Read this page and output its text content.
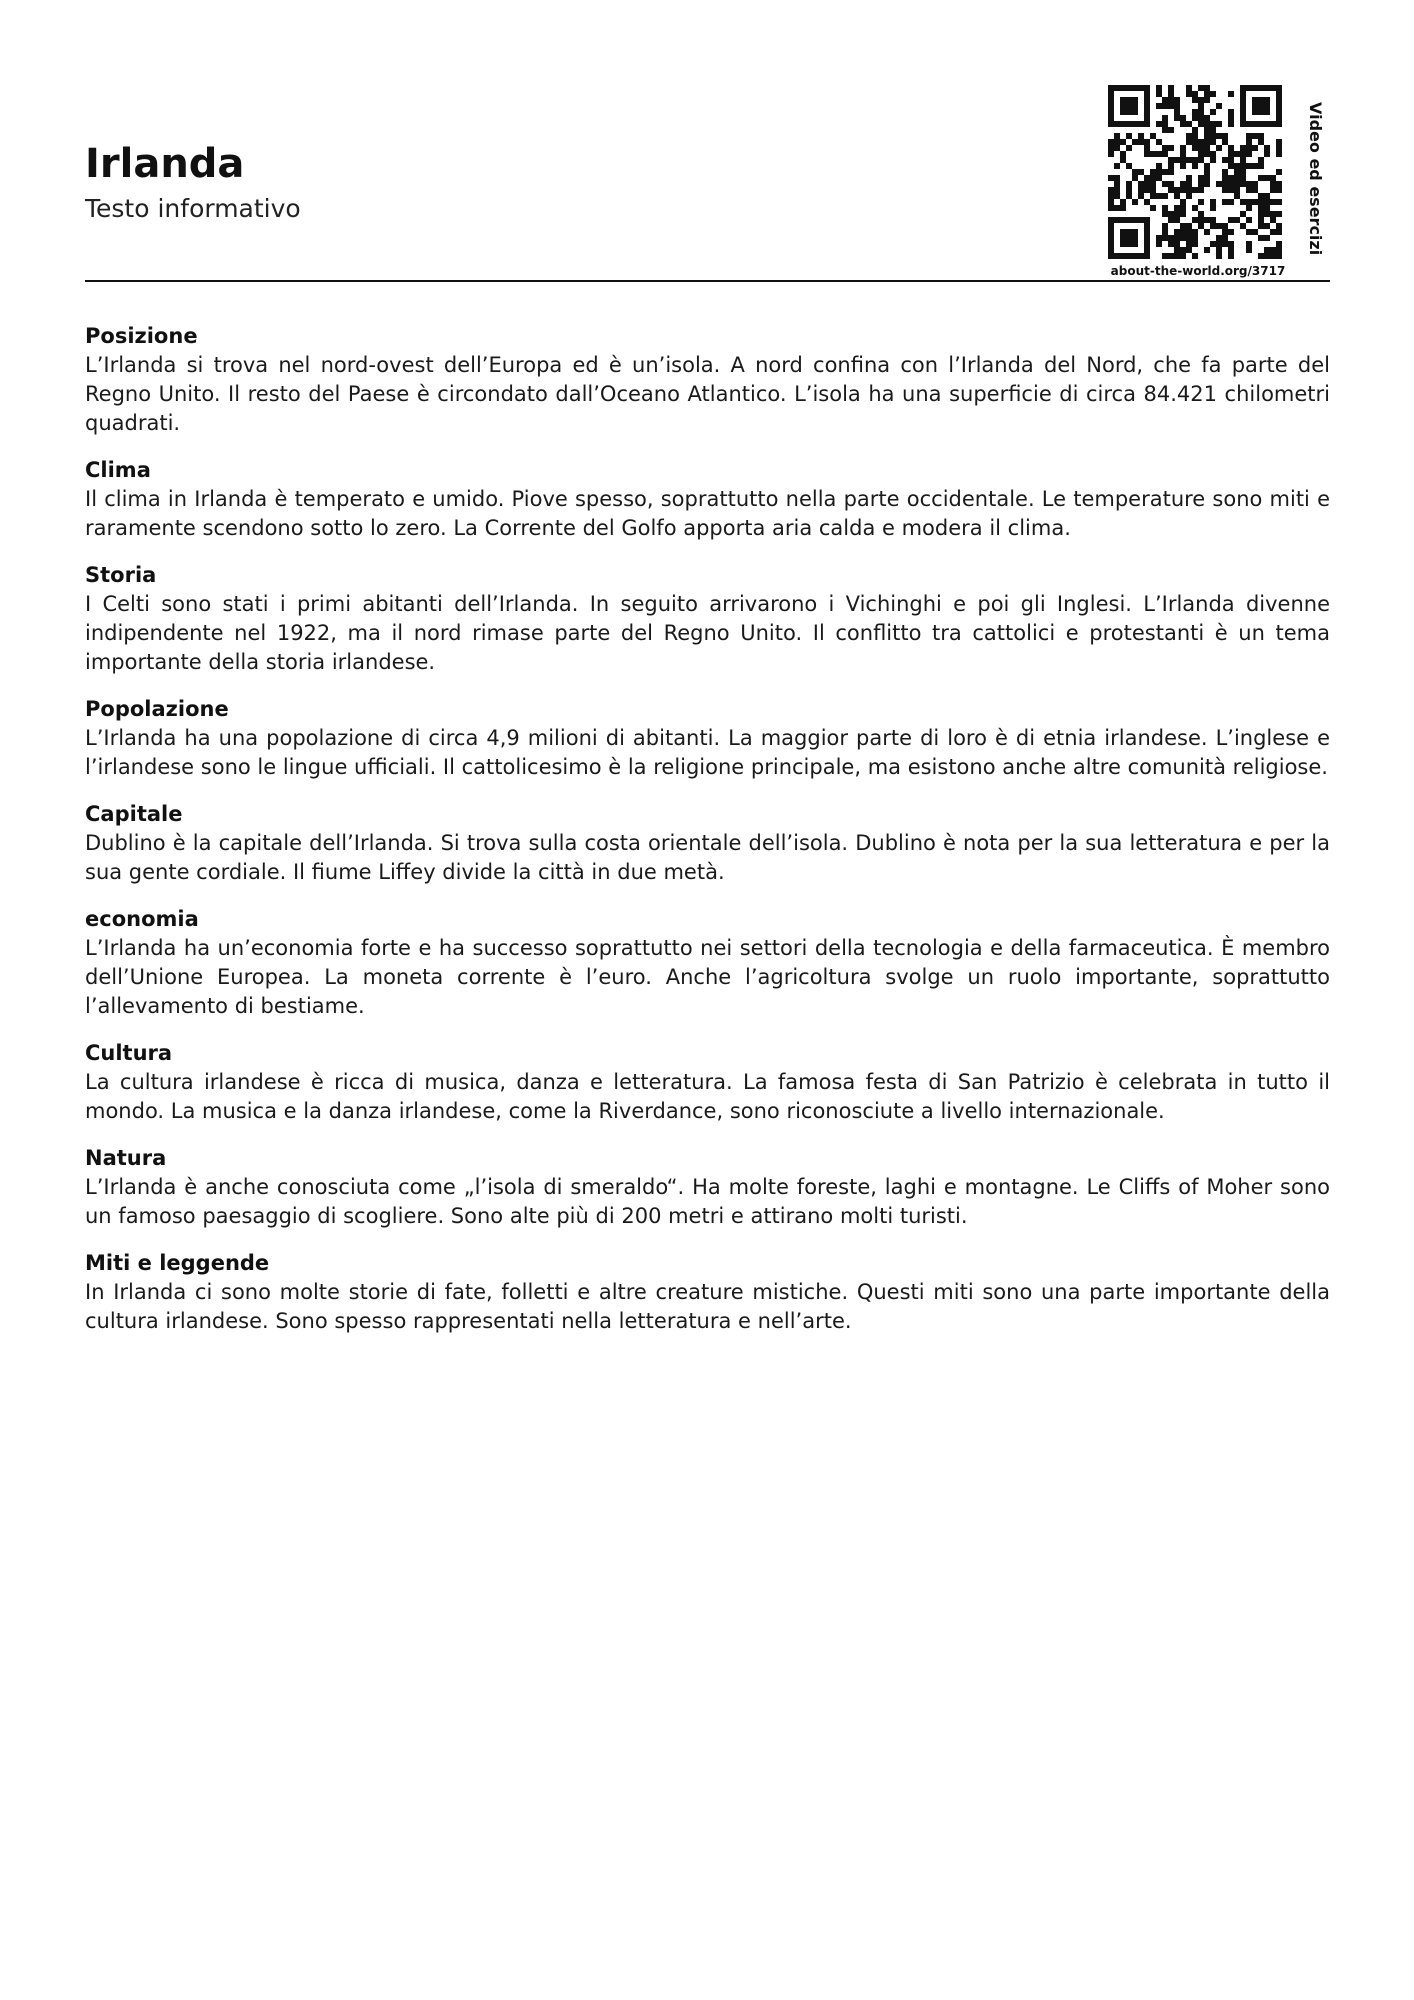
Irlanda

Testo informativo

about-the-world.org/3717
Video ed esercizi
Posizione

L’Irlanda si trova nel nord-ovest dell’Europa ed è un’isola. A nord confina con l’Irlanda del Nord, che fa parte del Regno Unito. Il resto del Paese è circondato dall’Oceano Atlantico. L’isola ha una superficie di circa 84.421 chilometri quadrati.

Clima

Il clima in Irlanda è temperato e umido. Piove spesso, soprattutto nella parte occidentale. Le temperature sono miti e raramente scendono sotto lo zero. La Corrente del Golfo apporta aria calda e modera il clima.

Storia

I Celti sono stati i primi abitanti dell’Irlanda. In seguito arrivarono i Vichinghi e poi gli Inglesi. L’Irlanda divenne indipendente nel 1922, ma il nord rimase parte del Regno Unito. Il conflitto tra cattolici e protestanti è un tema importante della storia irlandese.

Popolazione

L’Irlanda ha una popolazione di circa 4,9 milioni di abitanti. La maggior parte di loro è di etnia irlandese. L’inglese e l’irlandese sono le lingue ufficiali. Il cattolicesimo è la religione principale, ma esistono anche altre comunità religiose.

Capitale

Dublino è la capitale dell’Irlanda. Si trova sulla costa orientale dell’isola. Dublino è nota per la sua letteratura e per la sua gente cordiale. Il fiume Liffey divide la città in due metà.

economia

L’Irlanda ha un’economia forte e ha successo soprattutto nei settori della tecnologia e della farmaceutica. È membro dell’Unione Europea. La moneta corrente è l’euro. Anche l’agricoltura svolge un ruolo importante, soprattutto l’allevamento di bestiame.

Cultura

La cultura irlandese è ricca di musica, danza e letteratura. La famosa festa di San Patrizio è celebrata in tutto il mondo. La musica e la danza irlandese, come la Riverdance, sono riconosciute a livello internazionale.

Natura

L’Irlanda è anche conosciuta come „l’isola di smeraldo“. Ha molte foreste, laghi e montagne. Le Cliffs of Moher sono un famoso paesaggio di scogliere. Sono alte più di 200 metri e attirano molti turisti.

Miti e leggende

In Irlanda ci sono molte storie di fate, folletti e altre creature mistiche. Questi miti sono una parte importante della cultura irlandese. Sono spesso rappresentati nella letteratura e nell’arte.
